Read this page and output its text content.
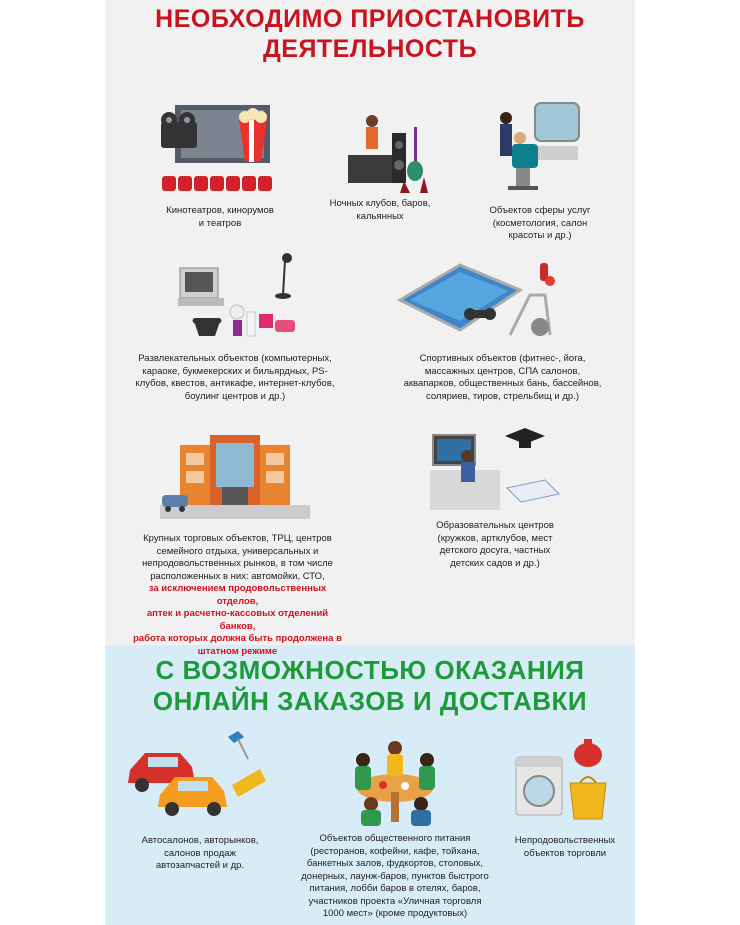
НЕОБХОДИМО ПРИОСТАНОВИТЬ
ДЕЯТЕЛЬНОСТЬ
Кинотеатров, кинорумов
и театров
Ночных клубов, баров,
кальянных	Объектов сферы услуг
(косметология, салон
красоты и др.)
Развлекательных объектов (компьютерных,
караоке, букмекерских и бильярдных, PS-
клубов, квестов, антикафе, интернет-клубов,
боулинг центров и др.)
Спортивных объектов (фитнес-, йога,
массажных центров, СПА салонов,
аквапарков, общественных бань, бассейнов,
соляриев, тиров, стрельбищ и др.)
Крупных торговых объектов, ТРЦ, центров
семейного отдыха, универсальных и
непродовольственных рынков, в том числе
расположенных в них: автомойки, СТО,
за исключением продовольственных отделов,
аптек и расчетно-кассовых отделений банков,
работа которых должна быть продолжена в
штатном режиме
Образовательных центров
(кружков, артклубов, мест
детского досуга, частных
детских садов и др.)
С ВОЗМОЖНОСТЬЮ ОКАЗАНИЯ
ОНЛАЙН ЗАКАЗОВ И ДОСТАВКИ
Автосалонов, авторынков,
салонов продаж
автозапчастей и др.
Объектов общественного питания
(ресторанов, кофейни, кафе, тойхана,
банкетных залов, фудкортов, столовых,
донерных, лаунж-баров, пунктов быстрого
питания, лобби баров в отелях, баров,
участников проекта «Уличная торговля
1000 мест» (кроме продуктовых)
Непродовольственных
объектов торговли
